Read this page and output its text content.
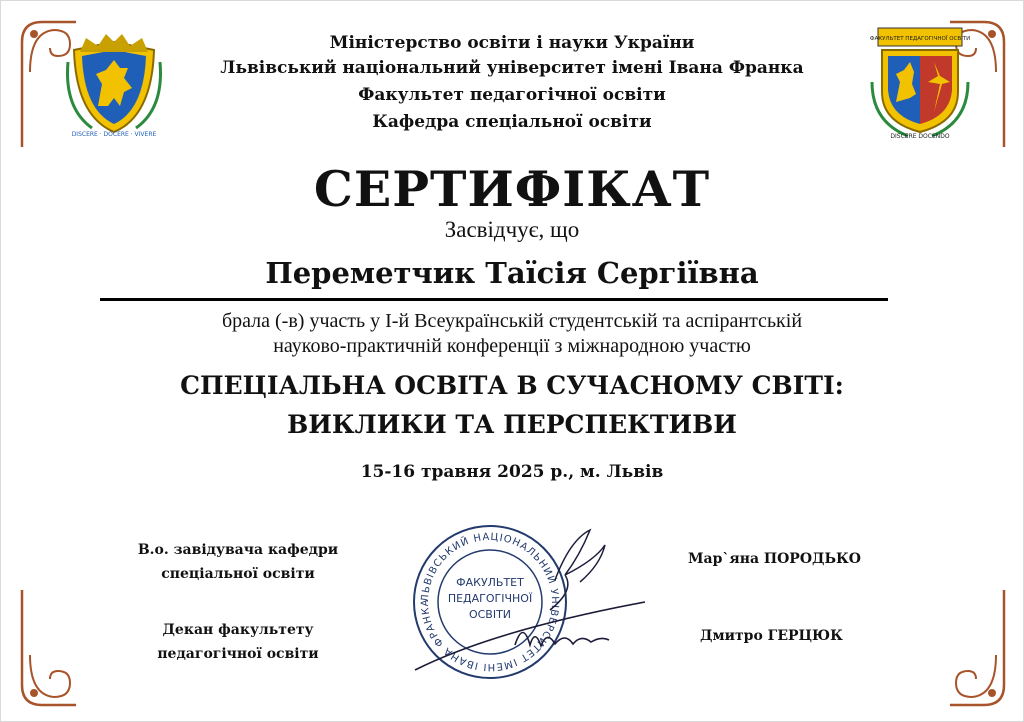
DISCERE · DOCERE · VIVERE
ФАКУЛЬТЕТ ПЕДАГОГІЧНОЇ ОСВІТИ
DISCERE DOCENDO
Міністерство освіти і науки України
Львівський національний університет імені Івана Франка
Факультет педагогічної освіти
Кафедра спеціальної освіти
СЕРТИФІКАТ
Засвідчує, що
Переметчик Таїсія Сергіївна
брала (-в) участь у І-й Всеукраїнській студентській та аспірантській
науково-практичній конференції з міжнародною участю
СПЕЦІАЛЬНА ОСВІТА В СУЧАСНОМУ СВІТІ:
ВИКЛИКИ ТА ПЕРСПЕКТИВИ
15-16 травня 2025 р., м. Львів
В.о. завідувача кафедри
спеціальної освіти
Мар`яна ПОРОДЬКО
Декан факультету
педагогічної освіти
Дмитро ГЕРЦЮК
ЛЬВІВСЬКИЙ НАЦІОНАЛЬНИЙ УНІВЕРСИТЕТ ІМЕНІ ІВАНА ФРАНКА
ФАКУЛЬТЕТ
ПЕДАГОГІЧНОЇ
ОСВІТИ
